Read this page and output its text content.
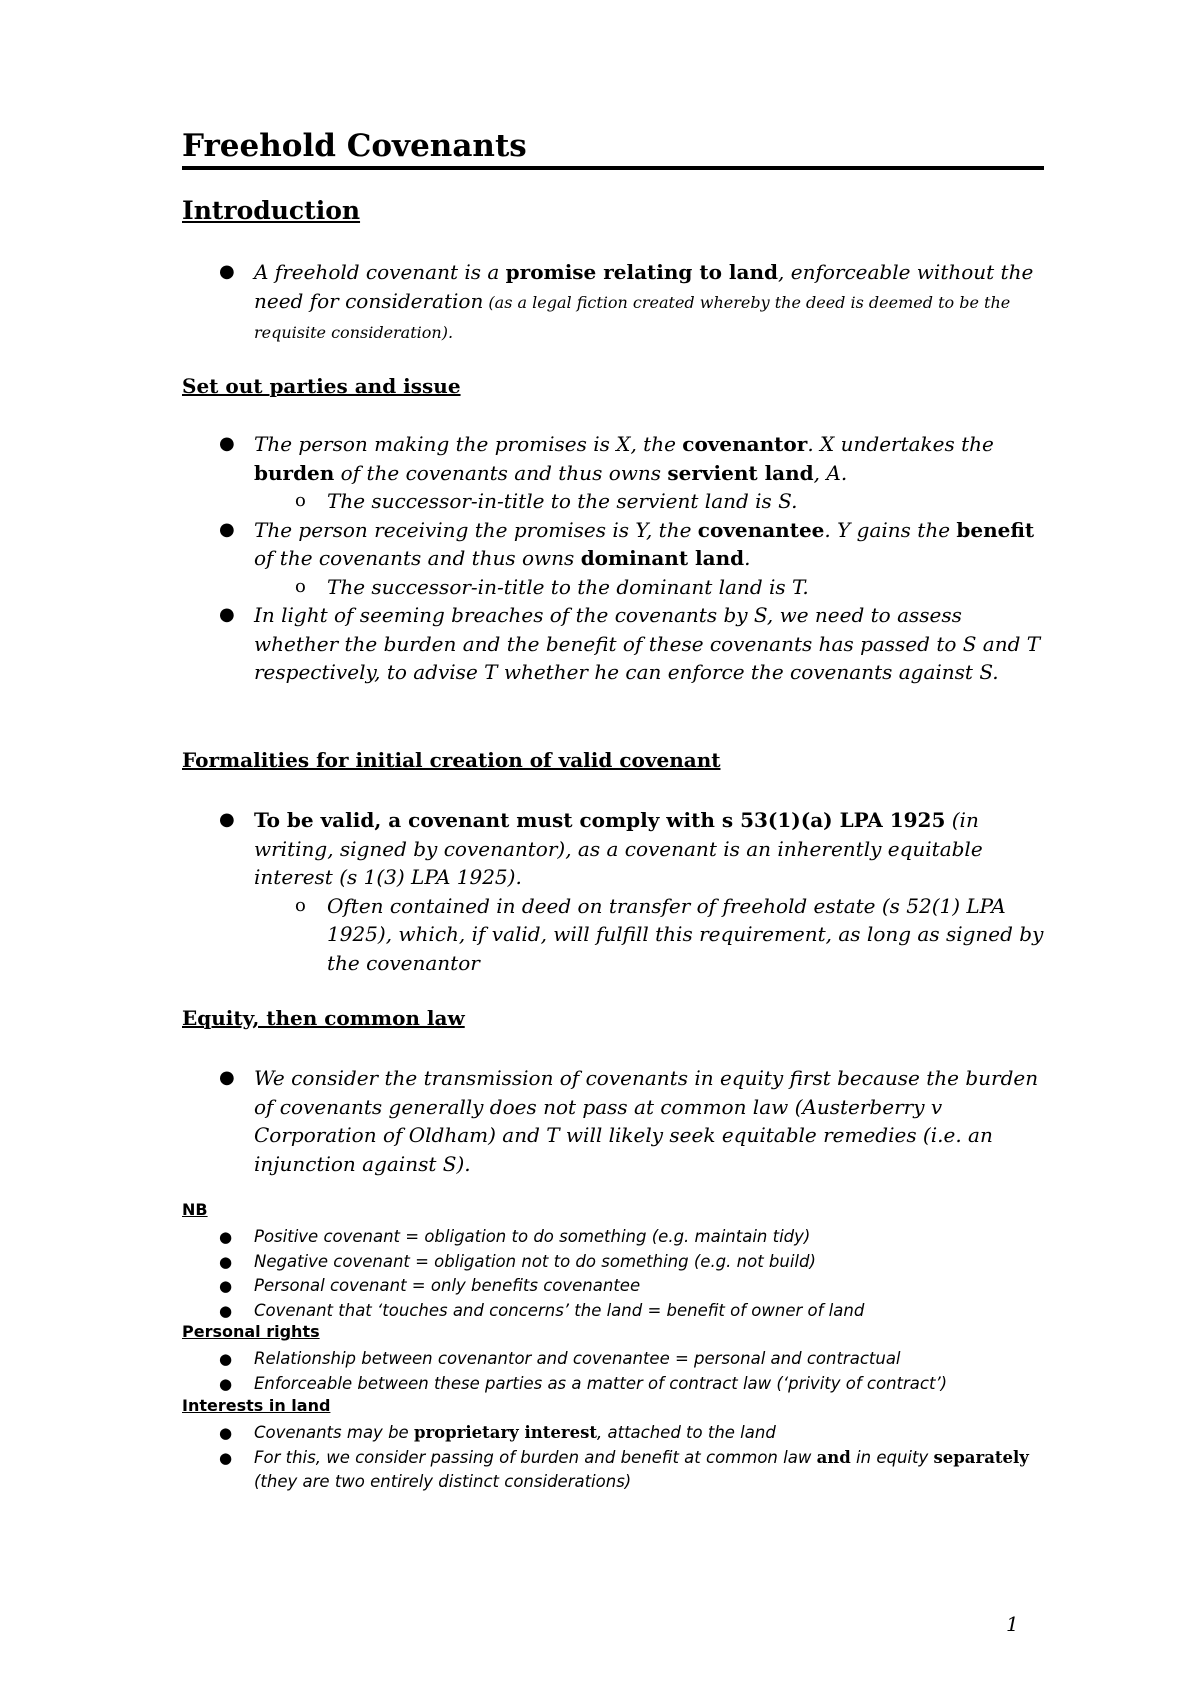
Freehold Covenants
Introduction
● A freehold covenant is a promise relating to land, enforceable without the need for consideration (as a legal fiction created whereby the deed is deemed to be the requisite consideration).
Set out parties and issue
● The person making the promises is X, the covenantor. X undertakes the burden of the covenants and thus owns servient land, A.
o The successor-in-title to the servient land is S.
● The person receiving the promises is Y, the covenantee. Y gains the benefit of the covenants and thus owns dominant land.
o The successor-in-title to the dominant land is T.
● In light of seeming breaches of the covenants by S, we need to assess whether the burden and the benefit of these covenants has passed to S and T respectively, to advise T whether he can enforce the covenants against S.
Formalities for initial creation of valid covenant
● To be valid, a covenant must comply with s 53(1)(a) LPA 1925 (in writing, signed by covenantor), as a covenant is an inherently equitable interest (s 1(3) LPA 1925).
o Often contained in deed on transfer of freehold estate (s 52(1) LPA 1925), which, if valid, will fulfill this requirement, as long as signed by the covenantor
Equity, then common law
● We consider the transmission of covenants in equity first because the burden of covenants generally does not pass at common law (Austerberry v Corporation of Oldham) and T will likely seek equitable remedies (i.e. an injunction against S).
NB
● Positive covenant = obligation to do something (e.g. maintain tidy)
● Negative covenant = obligation not to do something (e.g. not build)
● Personal covenant = only benefits covenantee
● Covenant that ‘touches and concerns’ the land = benefit of owner of land
Personal rights
● Relationship between covenantor and covenantee = personal and contractual
● Enforceable between these parties as a matter of contract law (‘privity of contract’)
Interests in land
● Covenants may be proprietary interest, attached to the land
● For this, we consider passing of burden and benefit at common law and in equity separately (they are two entirely distinct considerations)
1
